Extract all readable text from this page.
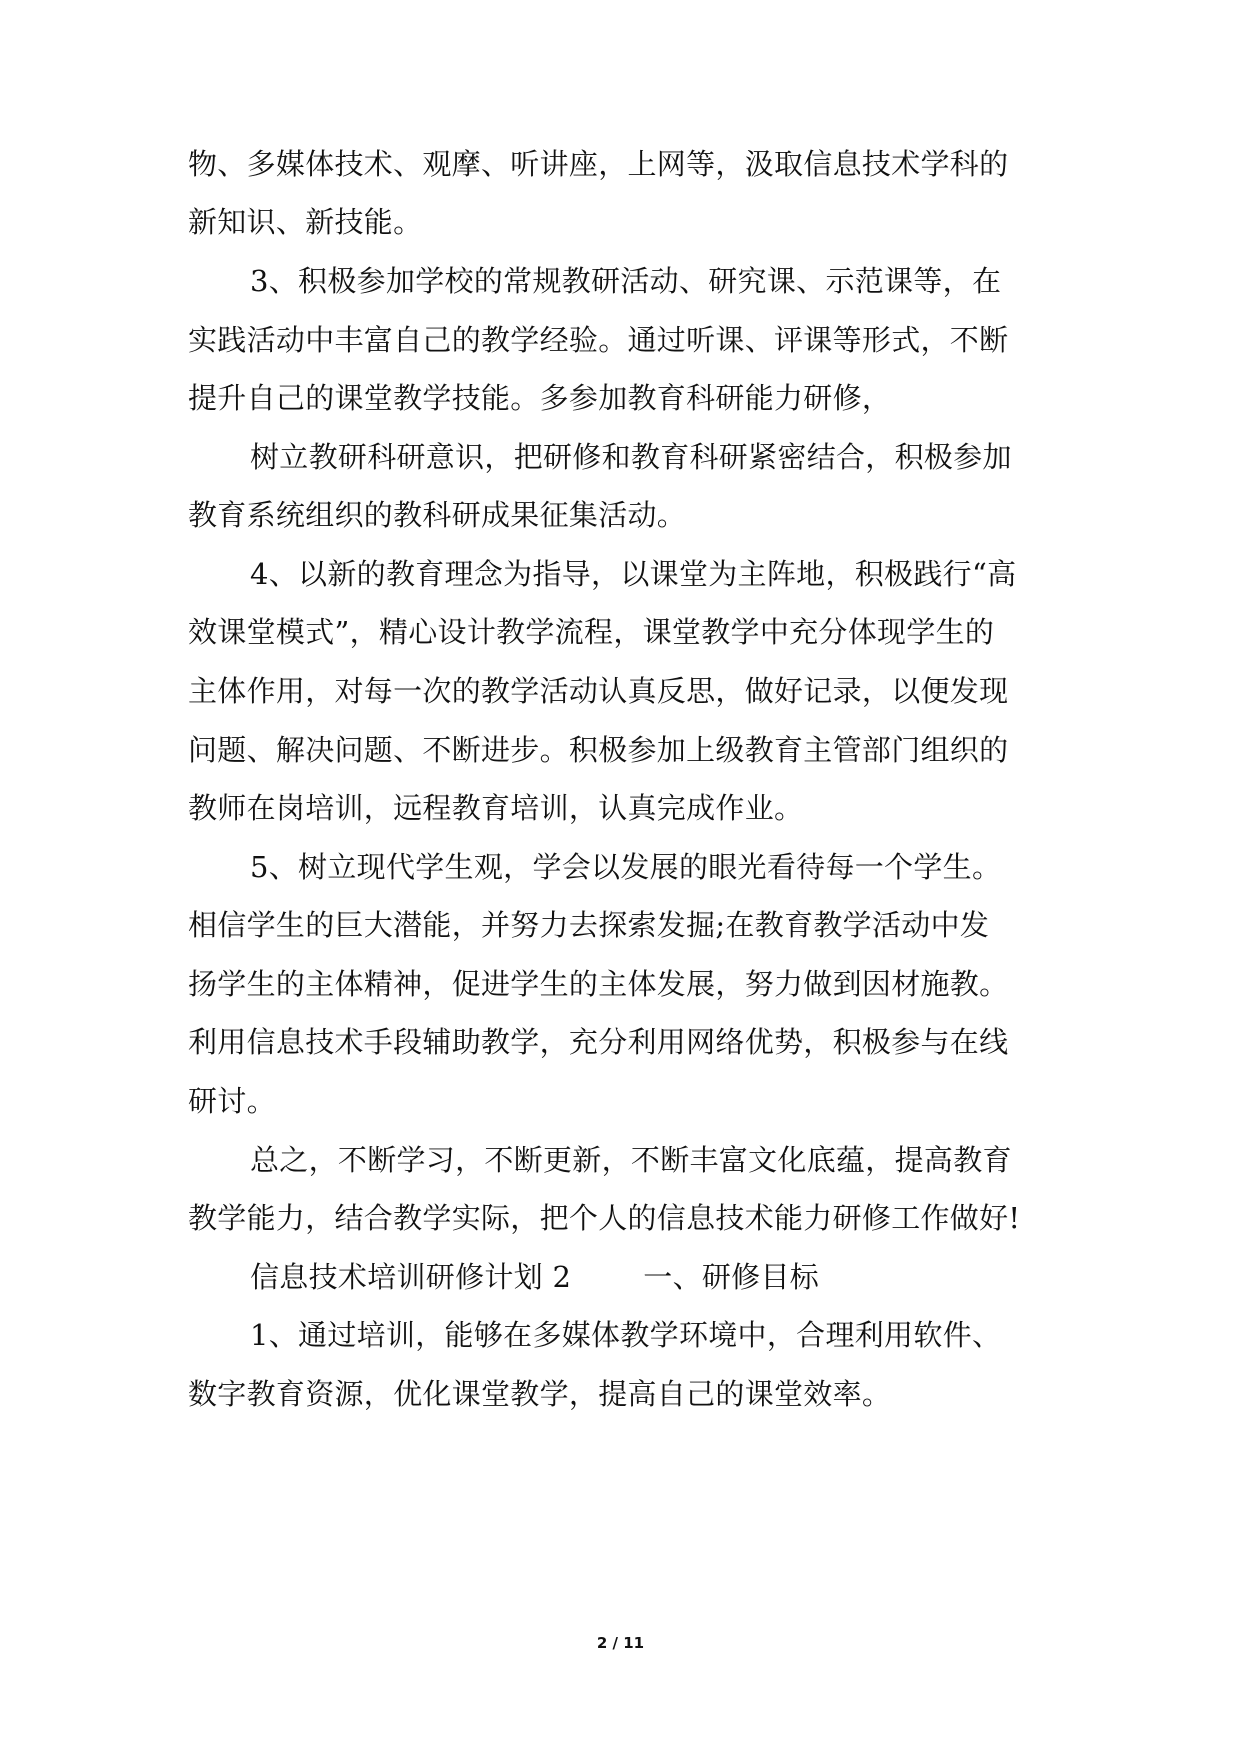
物、多媒体技术、观摩、听讲座，上网等，汲取信息技术学科的
新知识、新技能。
3、积极参加学校的常规教研活动、研究课、示范课等，在
实践活动中丰富自己的教学经验。通过听课、评课等形式，不断
提升自己的课堂教学技能。多参加教育科研能力研修，
树立教研科研意识，把研修和教育科研紧密结合，积极参加
教育系统组织的教科研成果征集活动。
4、以新的教育理念为指导，以课堂为主阵地，积极践行“高
效课堂模式”，精心设计教学流程，课堂教学中充分体现学生的
主体作用，对每一次的教学活动认真反思，做好记录，以便发现
问题、解决问题、不断进步。积极参加上级教育主管部门组织的
教师在岗培训，远程教育培训，认真完成作业。
5、树立现代学生观，学会以发展的眼光看待每一个学生。
相信学生的巨大潜能，并努力去探索发掘;在教育教学活动中发
扬学生的主体精神，促进学生的主体发展，努力做到因材施教。
利用信息技术手段辅助教学，充分利用网络优势，积极参与在线
研讨。
总之，不断学习，不断更新，不断丰富文化底蕴，提高教育
教学能力，结合教学实际，把个人的信息技术能力研修工作做好!
信息技术培训研修计划 2 一、研修目标
1、通过培训，能够在多媒体教学环境中，合理利用软件、
数字教育资源，优化课堂教学，提高自己的课堂效率。
2 / 11
